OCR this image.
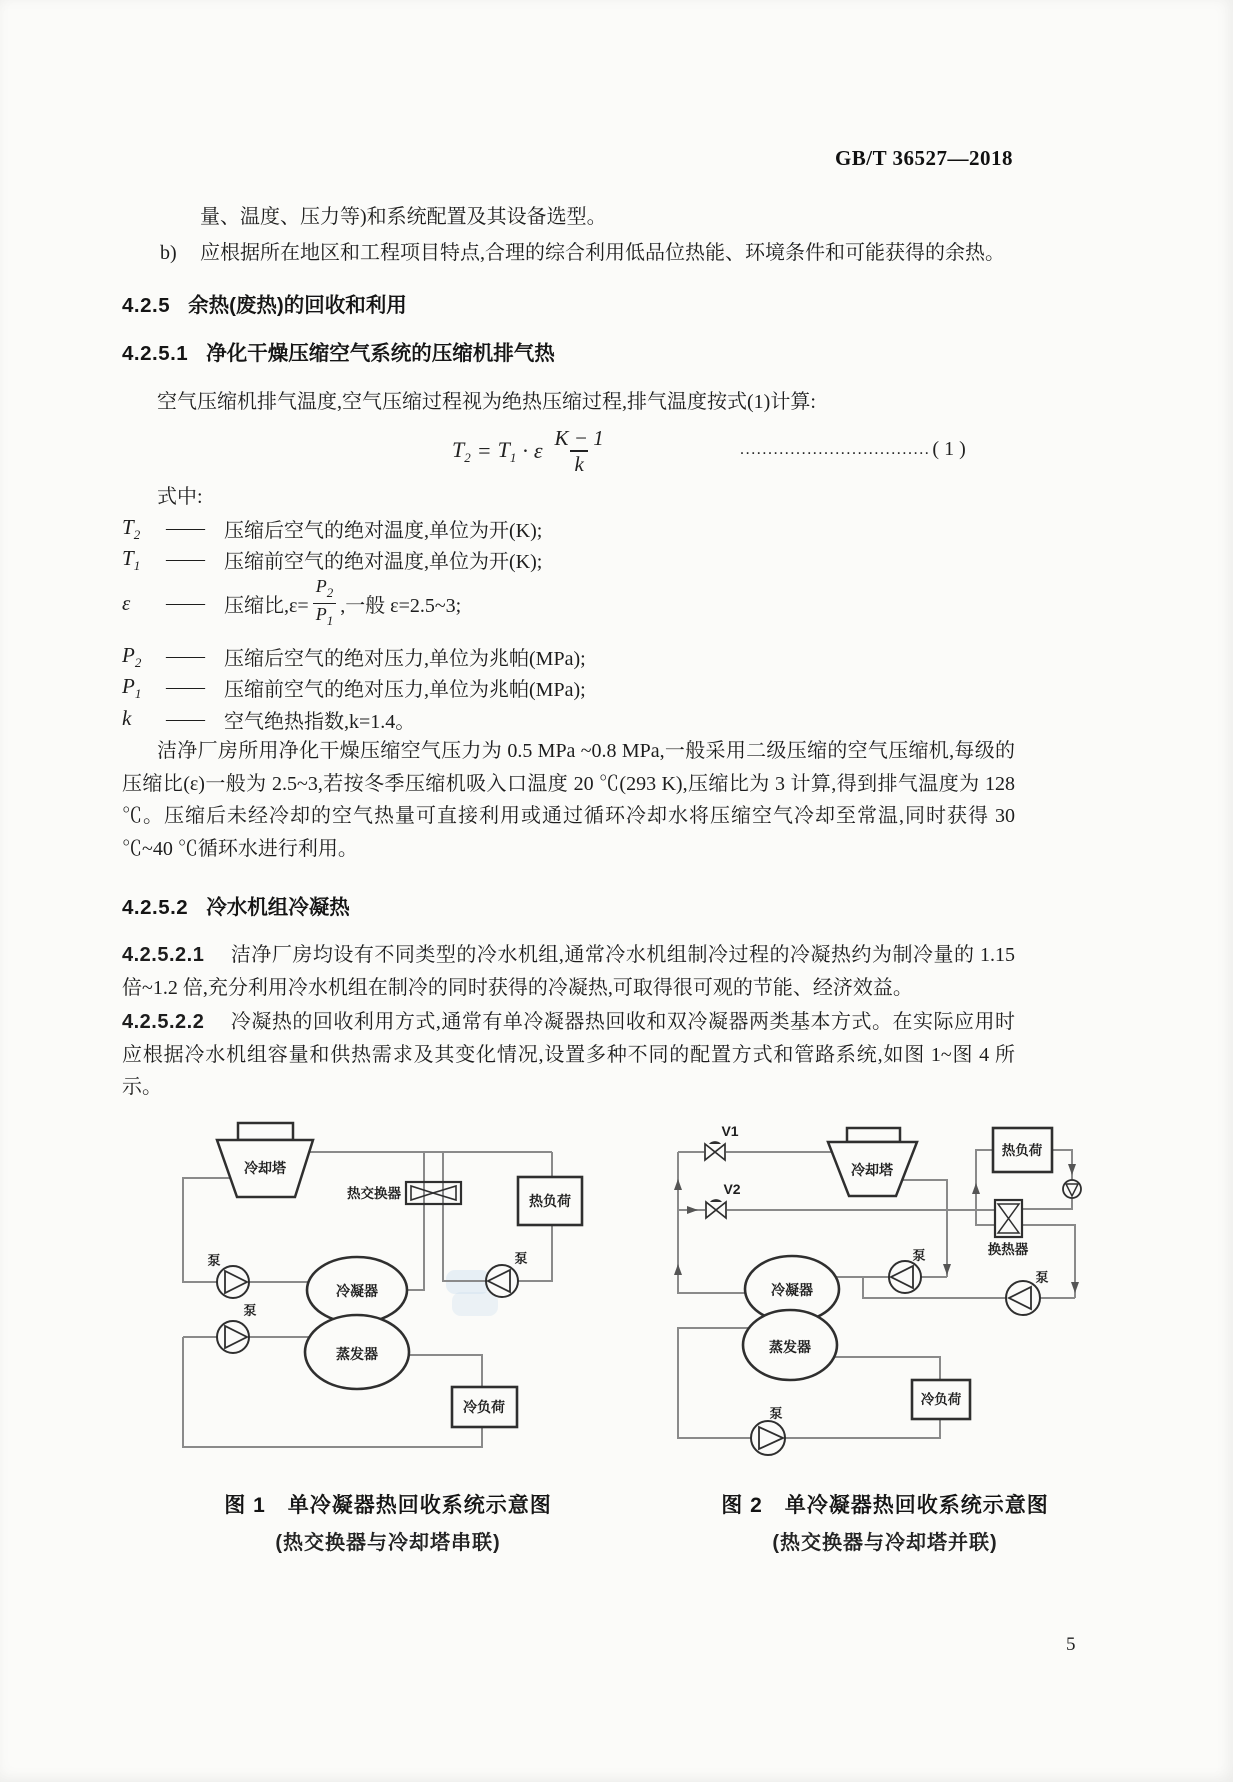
GB/T 36527—2018
量、温度、压力等)和系统配置及其设备选型。
b) 应根据所在地区和工程项目特点,合理的综合利用低品位热能、环境条件和可能获得的余热。
4.2.5 余热(废热)的回收和利用
4.2.5.1 净化干燥压缩空气系统的压缩机排气热
空气压缩机排气温度,空气压缩过程视为绝热压缩过程,排气温度按式(1)计算:
$T_2 = T_1 \cdot \varepsilon \frac{K - 1}{k}$	.................................. ( 1 )
式中:
$T_2$	——	压缩后空气的绝对温度,单位为开(K);
$T_1$	——	压缩前空气的绝对温度,单位为开(K);
ε	——	压缩比$,\varepsilon= \frac{P_2}{P_1}$ ,一般 ε=2.5~3;
$P_2$	——	压缩后空气的绝对压力,单位为兆帕(MPa);
$P_1$	——	压缩前空气的绝对压力,单位为兆帕(MPa);
k	——	空气绝热指数,k=1.4。
洁净厂房所用净化干燥压缩空气压力为 0.5 MPa ~0.8 MPa,一般采用二级压缩的空气压缩机,每级的压缩比(ε)一般为 2.5~3,若按冬季压缩机吸入口温度 20 ℃(293 K),压缩比为 3 计算,得到排气温度为 128 ℃。压缩后未经冷却的空气热量可直接利用或通过循环冷却水将压缩空气冷却至常温,同时获得 30 ℃~40 ℃循环水进行利用。
4.2.5.2 冷水机组冷凝热
4.2.5.2.1 洁净厂房均设有不同类型的冷水机组,通常冷水机组制冷过程的冷凝热约为制冷量的 1.15 倍~1.2 倍,充分利用冷水机组在制冷的同时获得的冷凝热,可取得很可观的节能、经济效益。
4.2.5.2.2 冷凝热的回收利用方式,通常有单冷凝器热回收和双冷凝器两类基本方式。在实际应用时应根据冷水机组容量和供热需求及其变化情况,设置多种不同的配置方式和管路系统,如图 1~图 4 所示。
冷却塔
热交换器	热负荷
泵
泵
泵
冷凝器
蒸发器
冷负荷
图 1　单冷凝器热回收系统示意图
(热交换器与冷却塔串联)
V1
V2
冷却塔
热负荷
换热器
冷凝器
蒸发器
泵
泵
泵
冷负荷
图 2　单冷凝器热回收系统示意图
(热交换器与冷却塔并联)
5
